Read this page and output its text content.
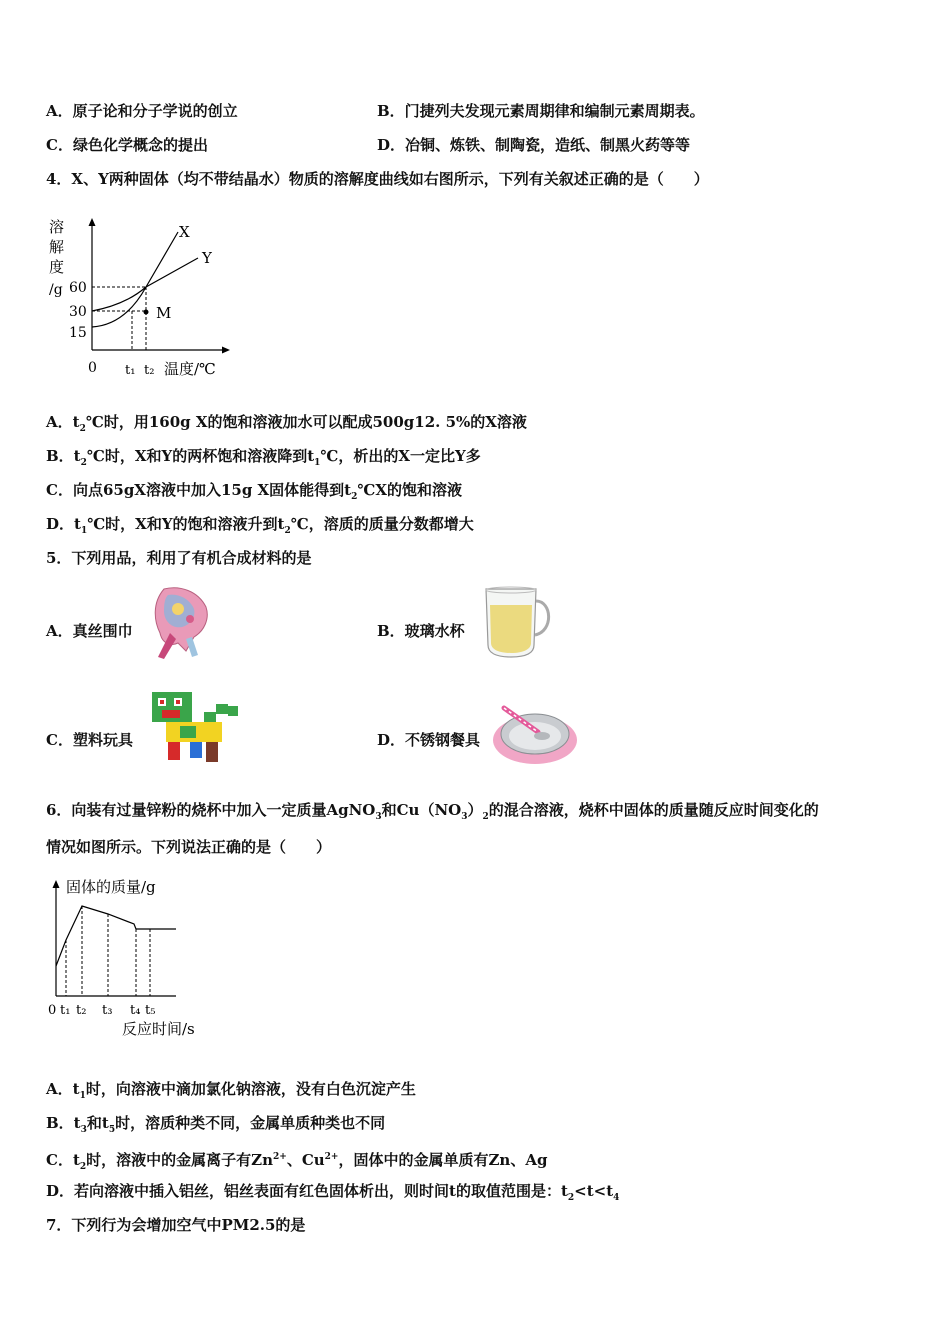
A．原子论和分子学说的创立	B．门捷列夫发现元素周期律和编制元素周期表。
C．绿色化学概念的提出	D．冶铜、炼铁、制陶瓷，造纸、制黑火药等等
4．X、Y两种固体（均不带结晶水）物质的溶解度曲线如右图所示，下列有关叙述正确的是（　　）
溶
解
度
/g 60
30
15
0
M
X
Y
t₁ t₂ 温度/℃
A．$t_2℃$时，用160g X的饱和溶液加水可以配成500g12. 5%的X溶液
B．$t_2℃$时，X和Y的两杯饱和溶液降到$t_1℃$，析出的X一定比Y多
C．向点65gX溶液中加入15g X固体能得到$t_2℃X$的饱和溶液
D．$t_1℃$时，X和Y的饱和溶液升到$t_2℃$，溶质的质量分数都增大
5．下列用品，利用了有机合成材料的是
A．真丝围巾	B．玻璃水杯
C．塑料玩具	D．不锈钢餐具
6．向装有过量锌粉的烧杯中加入一定质量AgNO$_3$和$Cu(NO_3)_2$的混合溶液，烧杯中固体的质量随反应时间变化的
情况如图所示。下列说法正确的是（　　）
固体的质量/g
0 t₁ t₂ t₃ t₄ t₅
反应时间/s
A．$t_1$时，向溶液中滴加氯化钠溶液，没有白色沉淀产生
B．$t_3$和$t_5$时，溶质种类不同，金属单质种类也不同
C．$t_2$时，溶液中的金属离子有$Zn^{2+}$、$Cu^{2+}$，固体中的金属单质有Zn、Ag
D．若向溶液中插入铝丝，铝丝表面有红色固体析出，则时间t的取值范围是：$t_2<t<t_4$
7．下列行为会增加空气中PM2.5的是
